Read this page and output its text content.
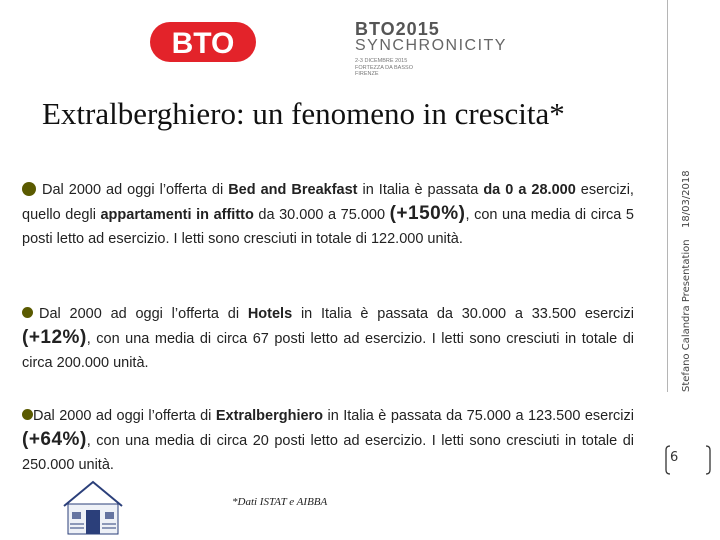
BTO	BTO2015
SYNCHRONICITY
2-3 DICEMBRE 2015
FORTEZZA DA BASSO
FIRENZE
Extralberghiero: un fenomeno in crescita*
Dal 2000 ad oggi l’offerta di Bed and Breakfast in Italia è passata da 0 a 28.000 esercizi, quello degli appartamenti in affitto da 30.000 a 75.000 (+150%), con una media di circa 5 posti letto ad esercizio. I letti sono cresciuti in totale di 122.000 unità.
Dal 2000 ad oggi l’offerta di Hotels in Italia è passata da 30.000 a 33.500 esercizi (+12%), con una media di circa 67 posti letto ad esercizio. I letti sono cresciuti in totale di circa 200.000 unità.
Dal 2000 ad oggi l’offerta di Extralberghiero in Italia è passata da 75.000 a 123.500 esercizi (+64%), con una media di circa 20 posti letto ad esercizio. I letti sono cresciuti in totale di 250.000 unità.
*Dati ISTAT e AIBBA
18/03/2018
Stefano Calandra Presentation
6
